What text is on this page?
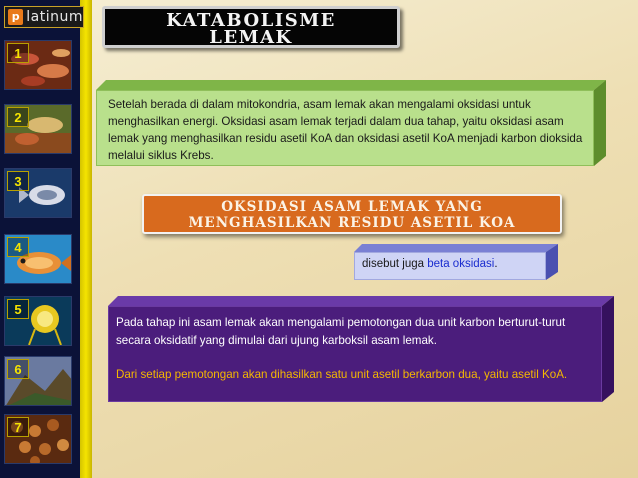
p latinum
1
2
3
4
5
6
7
KATABOLISME
LEMAK
Setelah berada di dalam mitokondria, asam lemak akan mengalami oksidasi untuk menghasilkan energi. Oksidasi asam lemak terjadi dalam dua tahap, yaitu oksidasi asam lemak yang menghasilkan residu asetil KoA dan oksidasi asetil KoA menjadi karbon dioksida melalui siklus Krebs.
OKSIDASI ASAM LEMAK YANG
MENGHASILKAN RESIDU ASETIL KOA
disebut juga beta oksidasi.
Pada tahap ini asam lemak akan mengalami pemotongan dua unit karbon berturut-turut secara oksidatif yang dimulai dari ujung karboksil asam lemak.
Dari setiap pemotongan akan dihasilkan satu unit asetil berkarbon dua, yaitu asetil KoA.
